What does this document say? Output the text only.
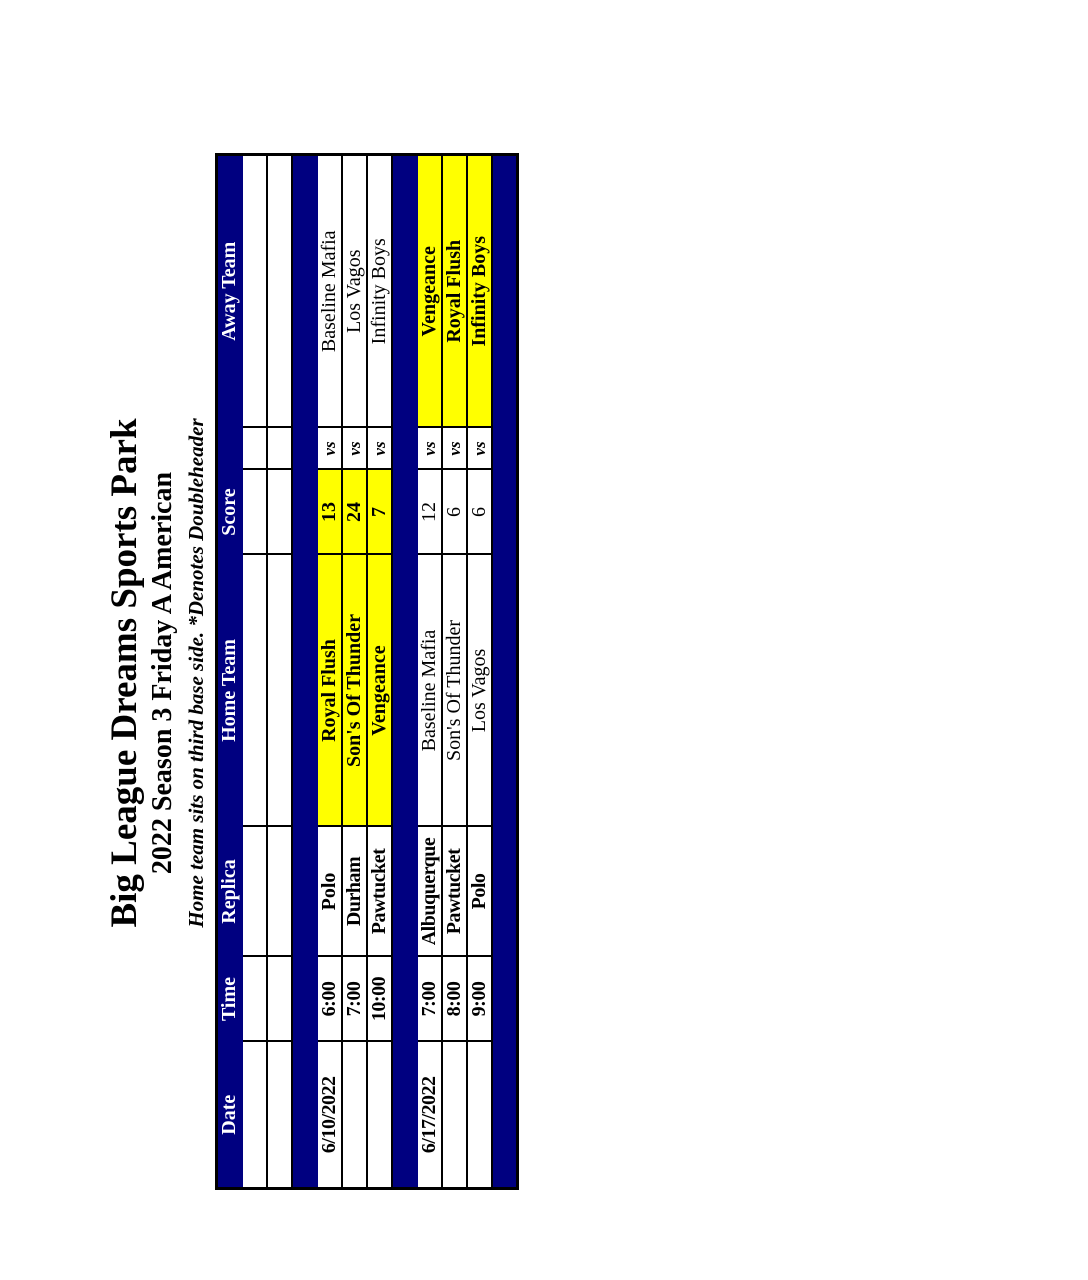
Big League Dreams Sports Park 2022 Season 3 Friday A American Home team sits on third base side. *Denotes Doubleheader
Date	Time	Replica	Home Team	Score		Away Team

6/10/2022	6:00	Polo	Royal Flush	13	vs	Baseline Mafia
	7:00	Durham	Son's Of Thunder	24	vs	Los Vagos
	10:00	Pawtucket	Vengeance	7	vs	Infinity Boys

6/17/2022	7:00	Albuquerque	Baseline Mafia	12	vs	Vengeance
	8:00	Pawtucket	Son's Of Thunder	6	vs	Royal Flush
	9:00	Polo	Los Vagos	6	vs	Infinity Boys
